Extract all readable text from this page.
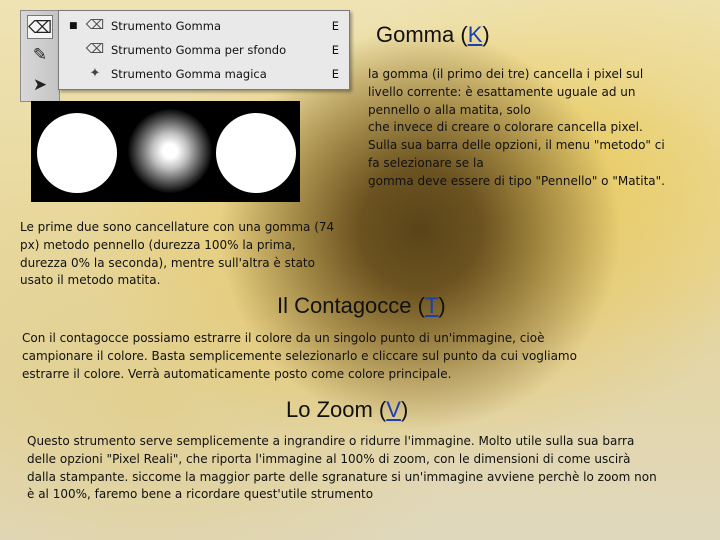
⌫
✎
➤
■ ⌫ Strumento Gomma	E
⌫ Strumento Gomma per sfondo	E
✦ Strumento Gomma magica	E
Gomma (K)
la gomma (il primo dei tre) cancella i pixel sul
livello corrente: è esattamente uguale ad un
pennello o alla matita, solo
che invece di creare o colorare cancella pixel.
Sulla sua barra delle opzioni, il menu "metodo" ci
fa selezionare se la
gomma deve essere di tipo "Pennello" o "Matita".
Le prime due sono cancellature con una gomma (74
px) metodo pennello (durezza 100% la prima,
durezza 0% la seconda), mentre sull'altra è stato
usato il metodo matita.
Il Contagocce (T)
Con il contagocce possiamo estrarre il colore da un singolo punto di un'immagine, cioè
campionare il colore. Basta semplicemente selezionarlo e cliccare sul punto da cui vogliamo
estrarre il colore. Verrà automaticamente posto come colore principale.
Lo Zoom (V)
Questo strumento serve semplicemente a ingrandire o ridurre l'immagine. Molto utile sulla sua barra
delle opzioni "Pixel Reali", che riporta l'immagine al 100% di zoom, con le dimensioni di come uscirà
dalla stampante. siccome la maggior parte delle sgranature si un'immagine avviene perchè lo zoom non
è al 100%, faremo bene a ricordare quest'utile strumento
